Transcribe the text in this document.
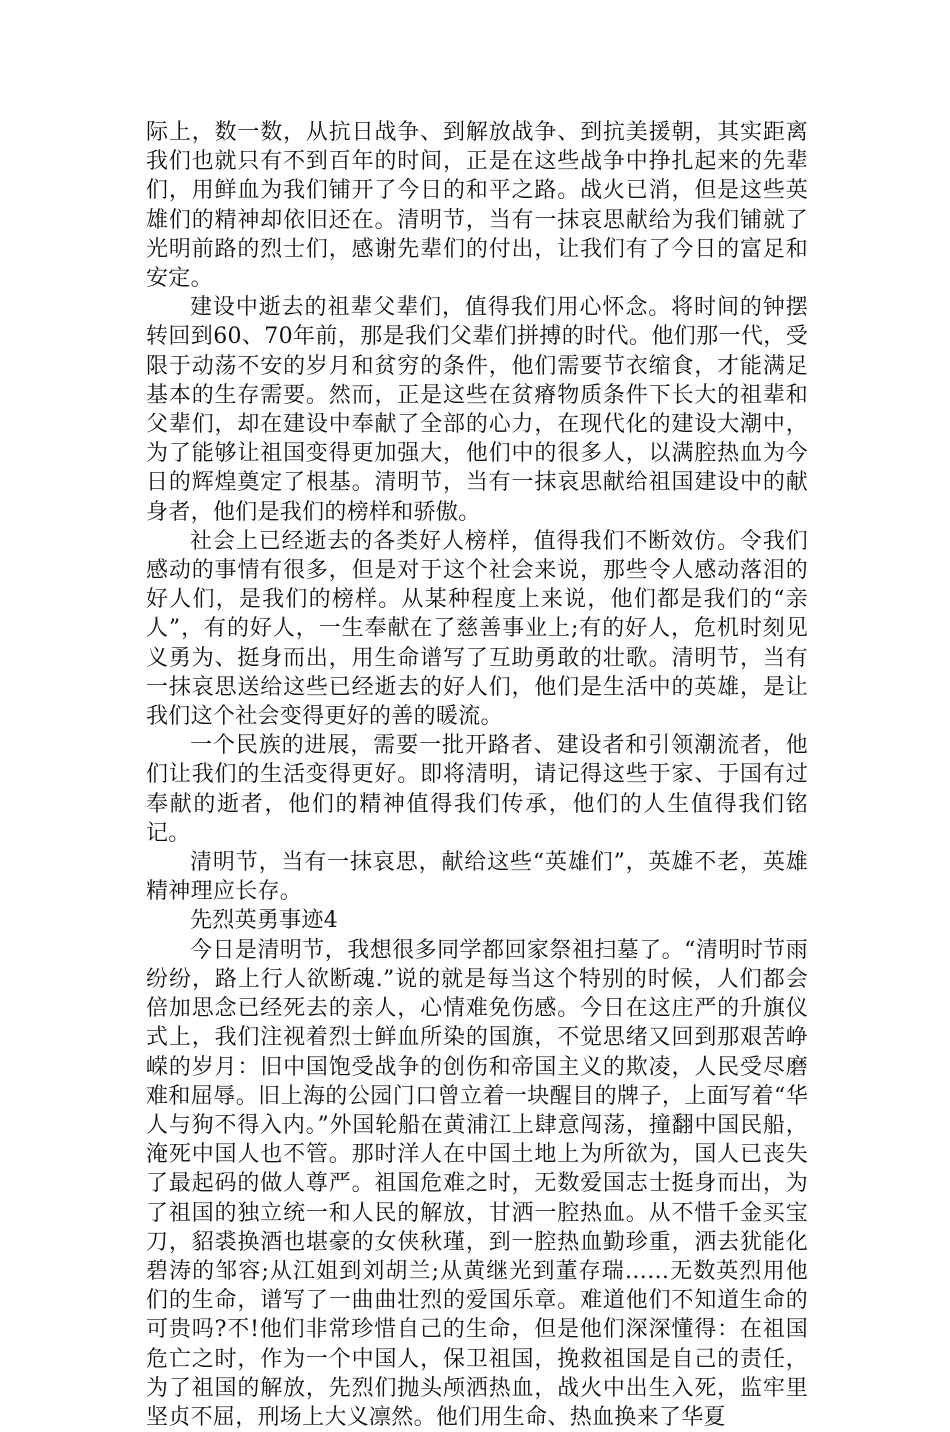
际上，数一数，从抗日战争、到解放战争、到抗美援朝，其实距离我们也就只有不到百年的时间，正是在这些战争中挣扎起来的先辈们，用鲜血为我们铺开了今日的和平之路。战火已消，但是这些英雄们的精神却依旧还在。清明节，当有一抹哀思献给为我们铺就了光明前路的烈士们，感谢先辈们的付出，让我们有了今日的富足和安定。

建设中逝去的祖辈父辈们，值得我们用心怀念。将时间的钟摆转回到60、70年前，那是我们父辈们拼搏的时代。他们那一代，受限于动荡不安的岁月和贫穷的条件，他们需要节衣缩食，才能满足基本的生存需要。然而，正是这些在贫瘠物质条件下长大的祖辈和父辈们，却在建设中奉献了全部的心力，在现代化的建设大潮中，为了能够让祖国变得更加强大，他们中的很多人，以满腔热血为今日的辉煌奠定了根基。清明节，当有一抹哀思献给祖国建设中的献身者，他们是我们的榜样和骄傲。

社会上已经逝去的各类好人榜样，值得我们不断效仿。令我们感动的事情有很多，但是对于这个社会来说，那些令人感动落泪的好人们，是我们的榜样。从某种程度上来说，他们都是我们的“亲人”，有的好人，一生奉献在了慈善事业上;有的好人，危机时刻见义勇为、挺身而出，用生命谱写了互助勇敢的壮歌。清明节，当有一抹哀思送给这些已经逝去的好人们，他们是生活中的英雄，是让我们这个社会变得更好的善的暖流。

一个民族的进展，需要一批开路者、建设者和引领潮流者，他们让我们的生活变得更好。即将清明，请记得这些于家、于国有过奉献的逝者，他们的精神值得我们传承，他们的人生值得我们铭记。

清明节，当有一抹哀思，献给这些“英雄们”，英雄不老，英雄精神理应长存。

先烈英勇事迹4

今日是清明节，我想很多同学都回家祭祖扫墓了。“清明时节雨纷纷，路上行人欲断魂.”说的就是每当这个特别的时候，人们都会倍加思念已经死去的亲人，心情难免伤感。今日在这庄严的升旗仪式上，我们注视着烈士鲜血所染的国旗，不觉思绪又回到那艰苦峥嵘的岁月：旧中国饱受战争的创伤和帝国主义的欺凌，人民受尽磨难和屈辱。旧上海的公园门口曾立着一块醒目的牌子，上面写着“华人与狗不得入内。”外国轮船在黄浦江上肆意闯荡，撞翻中国民船，淹死中国人也不管。那时洋人在中国土地上为所欲为，国人已丧失了最起码的做人尊严。祖国危难之时，无数爱国志士挺身而出，为了祖国的独立统一和人民的解放，甘洒一腔热血。从不惜千金买宝刀，貂裘换酒也堪豪的女侠秋瑾，到一腔热血勤珍重，洒去犹能化碧涛的邹容;从江姐到刘胡兰;从黄继光到董存瑞……无数英烈用他们的生命，谱写了一曲曲壮烈的爱国乐章。难道他们不知道生命的可贵吗?不!他们非常珍惜自己的生命，但是他们深深懂得：在祖国危亡之时，作为一个中国人，保卫祖国，挽救祖国是自己的责任，为了祖国的解放，先烈们抛头颅洒热血，战火中出生入死，监牢里坚贞不屈，刑场上大义凛然。他们用生命、热血换来了华夏
